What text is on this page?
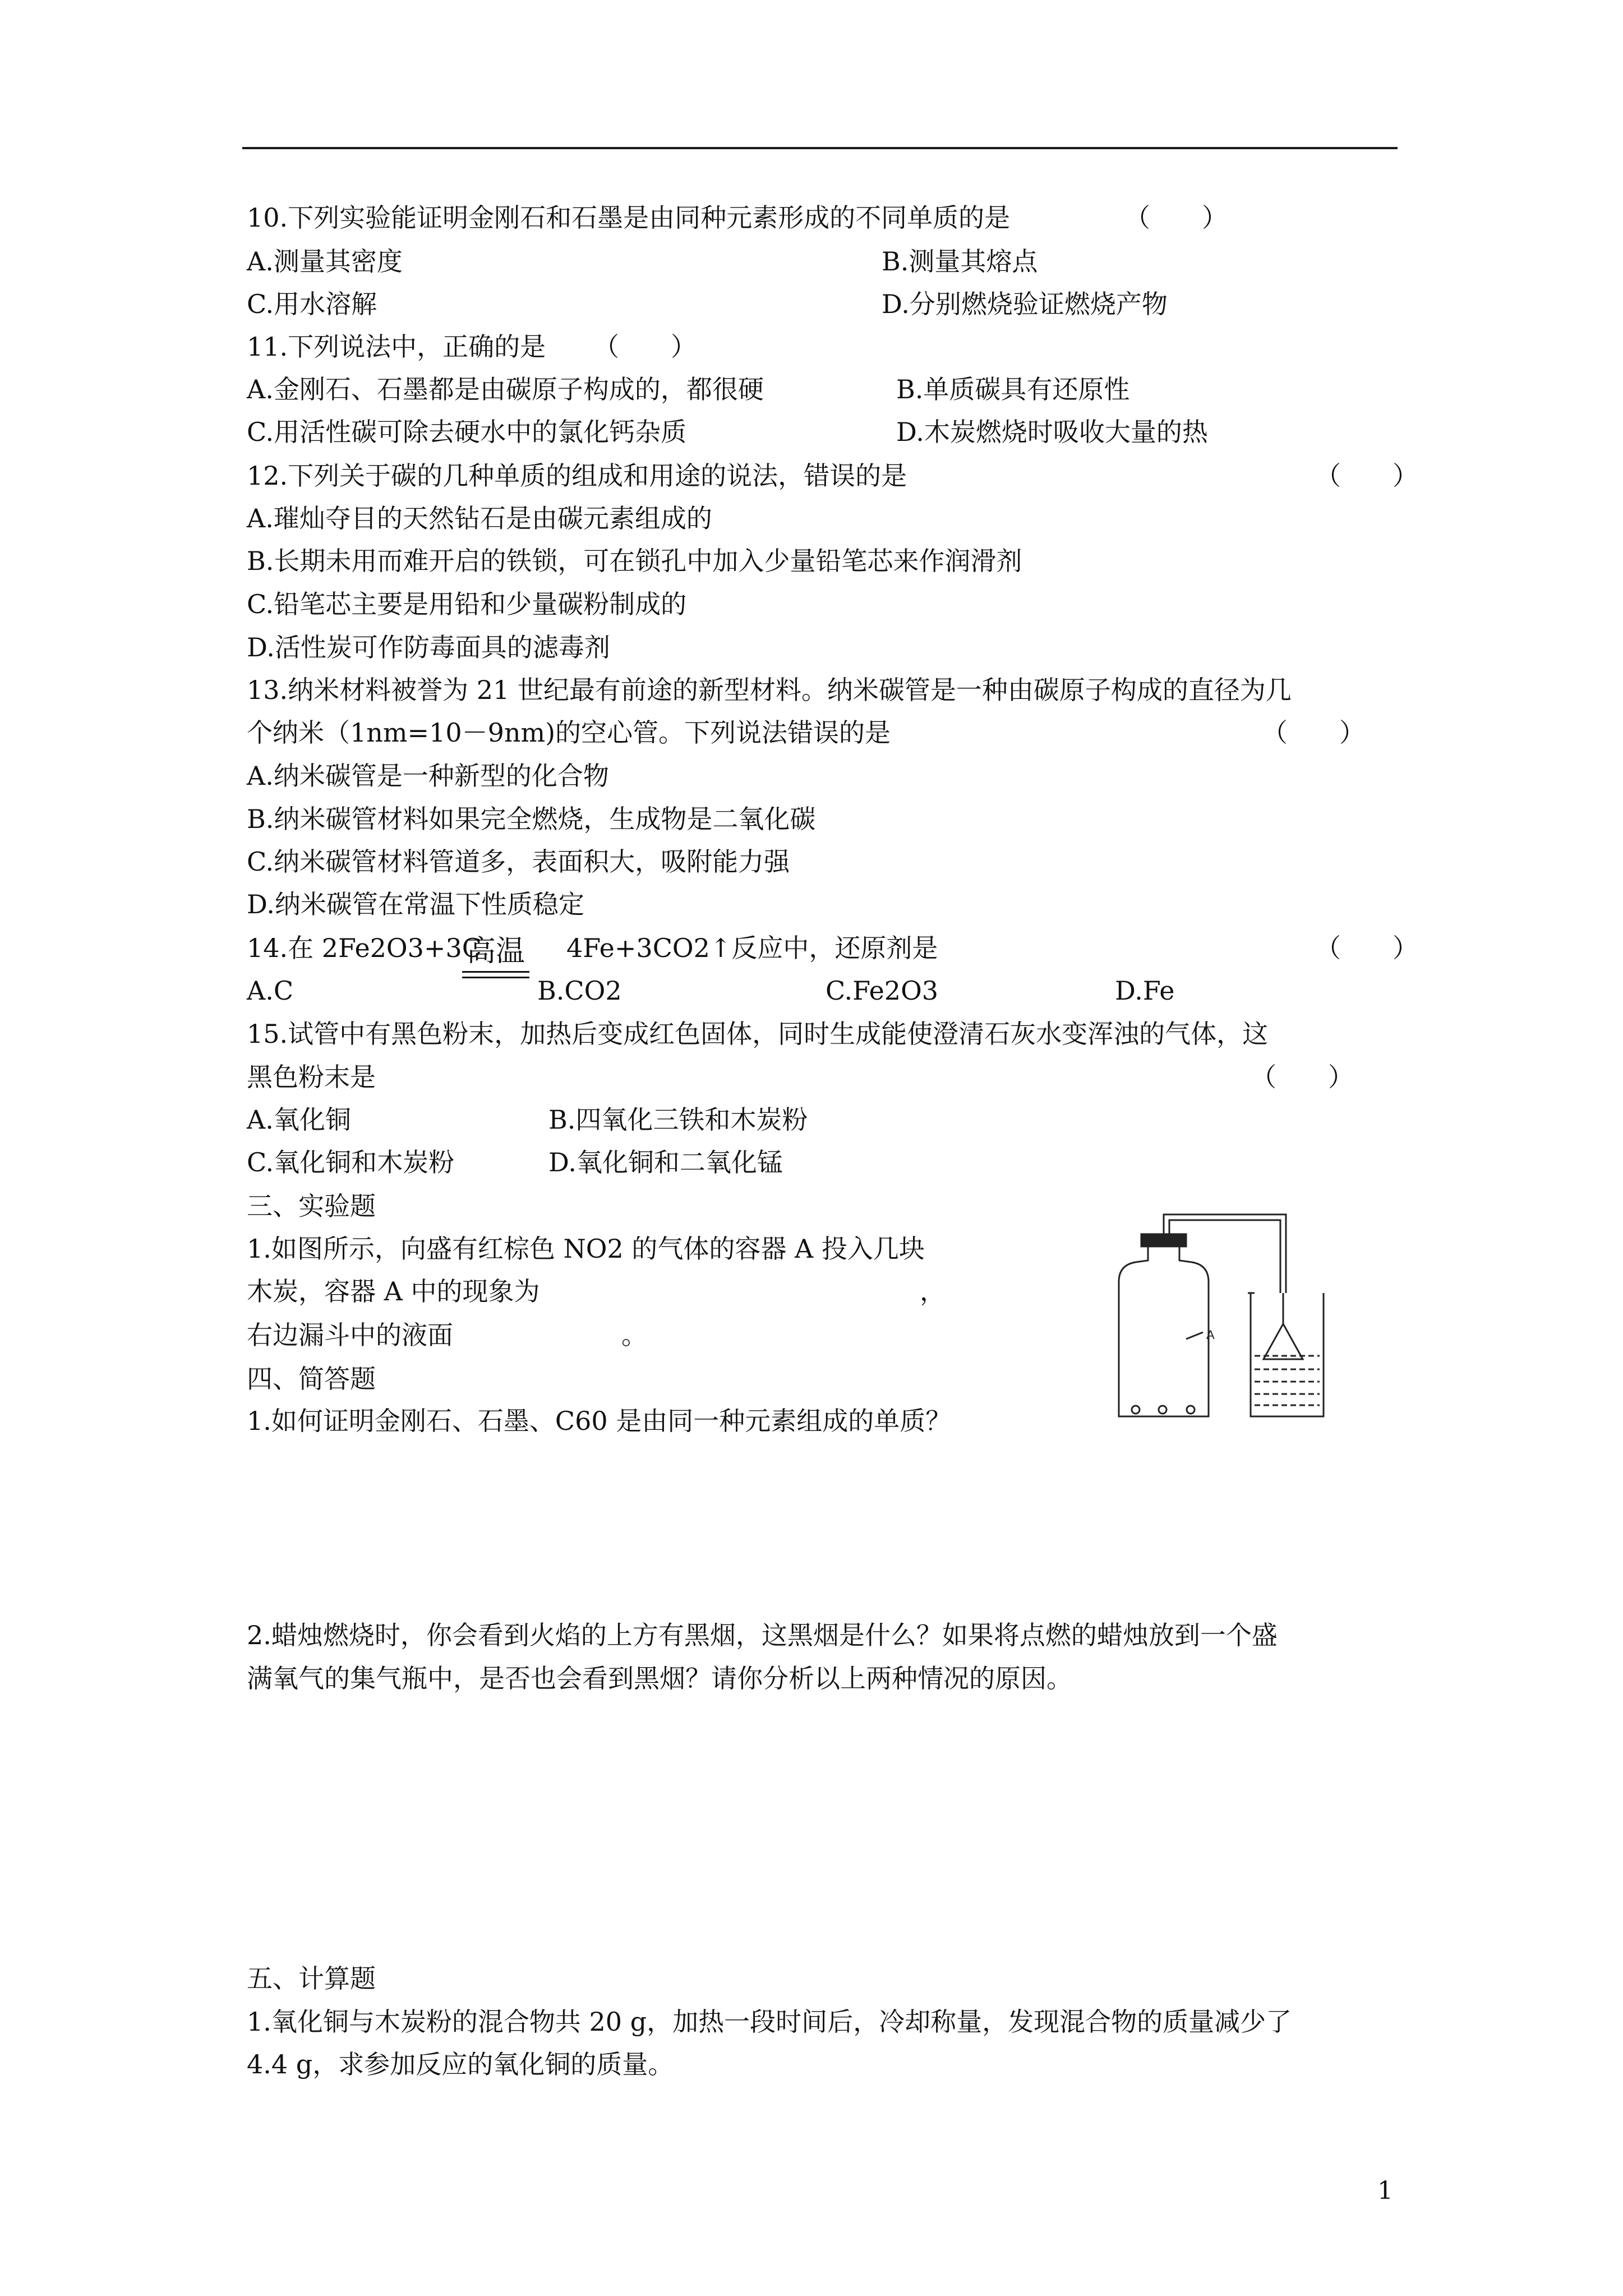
10.下列实验能证明金刚石和石墨是由同种元素形成的不同单质的是	（　　）
A.测量其密度	B.测量其熔点
C.用水溶解	D.分别燃烧验证燃烧产物
11.下列说法中，正确的是 （　　）
A.金刚石、石墨都是由碳原子构成的，都很硬	B.单质碳具有还原性
C.用活性碳可除去硬水中的氯化钙杂质	D.木炭燃烧时吸收大量的热
12.下列关于碳的几种单质的组成和用途的说法，错误的是	（　　）
A.璀灿夺目的天然钻石是由碳元素组成的
B.长期未用而难开启的铁锁，可在锁孔中加入少量铅笔芯来作润滑剂
C.铅笔芯主要是用铅和少量碳粉制成的
D.活性炭可作防毒面具的滤毒剂
13.纳米材料被誉为 21 世纪最有前途的新型材料。纳米碳管是一种由碳原子构成的直径为几
个纳米（1nm=10－9nm)的空心管。下列说法错误的是	（　　）
A.纳米碳管是一种新型的化合物
B.纳米碳管材料如果完全燃烧，生成物是二氧化碳
C.纳米碳管材料管道多，表面积大，吸附能力强
D.纳米碳管在常温下性质稳定
14.在 2Fe2O3+3C
高温 4Fe+3CO2↑反应中，还原剂是	（　　）
A.C	B.CO2	C.Fe2O3	D.Fe
15.试管中有黑色粉末，加热后变成红色固体，同时生成能使澄清石灰水变浑浊的气体，这
黑色粉末是	（　　）
A.氧化铜	B.四氧化三铁和木炭粉
C.氧化铜和木炭粉	D.氧化铜和二氧化锰
三、实验题
1.如图所示，向盛有红棕色 NO2 的气体的容器 A 投入几块
木炭，容器 A 中的现象为	，
右边漏斗中的液面	。	A
四、简答题
1.如何证明金刚石、石墨、C60 是由同一种元素组成的单质？
2.蜡烛燃烧时，你会看到火焰的上方有黑烟，这黑烟是什么？如果将点燃的蜡烛放到一个盛
满氧气的集气瓶中，是否也会看到黑烟？请你分析以上两种情况的原因。
五、计算题
1.氧化铜与木炭粉的混合物共 20 g，加热一段时间后，冷却称量，发现混合物的质量减少了
4.4 g，求参加反应的氧化铜的质量。
1
